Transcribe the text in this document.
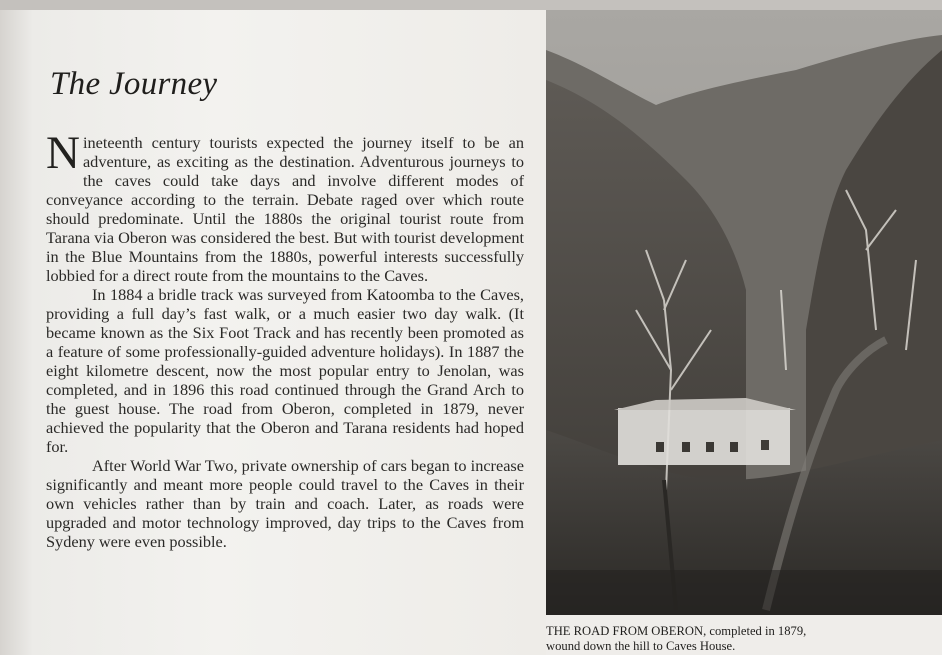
The Journey

Nineteenth century tourists expected the journey itself to be an adventure, as exciting as the destination. Adventurous journeys to the caves could take days and involve different modes of conveyance according to the terrain. Debate raged over which route should predominate. Until the 1880s the original tourist route from Tarana via Oberon was considered the best. But with tourist development in the Blue Mountains from the 1880s, powerful interests successfully lobbied for a direct route from the mountains to the Caves.

In 1884 a bridle track was surveyed from Katoomba to the Caves, providing a full day’s fast walk, or a much easier two day walk. (It became known as the Six Foot Track and has recently been promoted as a feature of some professionally-guided adventure holidays). In 1887 the eight kilometre descent, now the most popular entry to Jenolan, was completed, and in 1896 this road continued through the Grand Arch to the guest house. The road from Oberon, completed in 1879, never achieved the popularity that the Oberon and Tarana residents had hoped for.

After World War Two, private ownership of cars began to increase significantly and meant more people could travel to the Caves in their own vehicles rather than by train and coach. Later, as roads were upgraded and motor technology improved, day trips to the Caves from Sydeny were even possible.

THE ROAD FROM OBERON, completed in 1879,
wound down the hill to Caves House.
